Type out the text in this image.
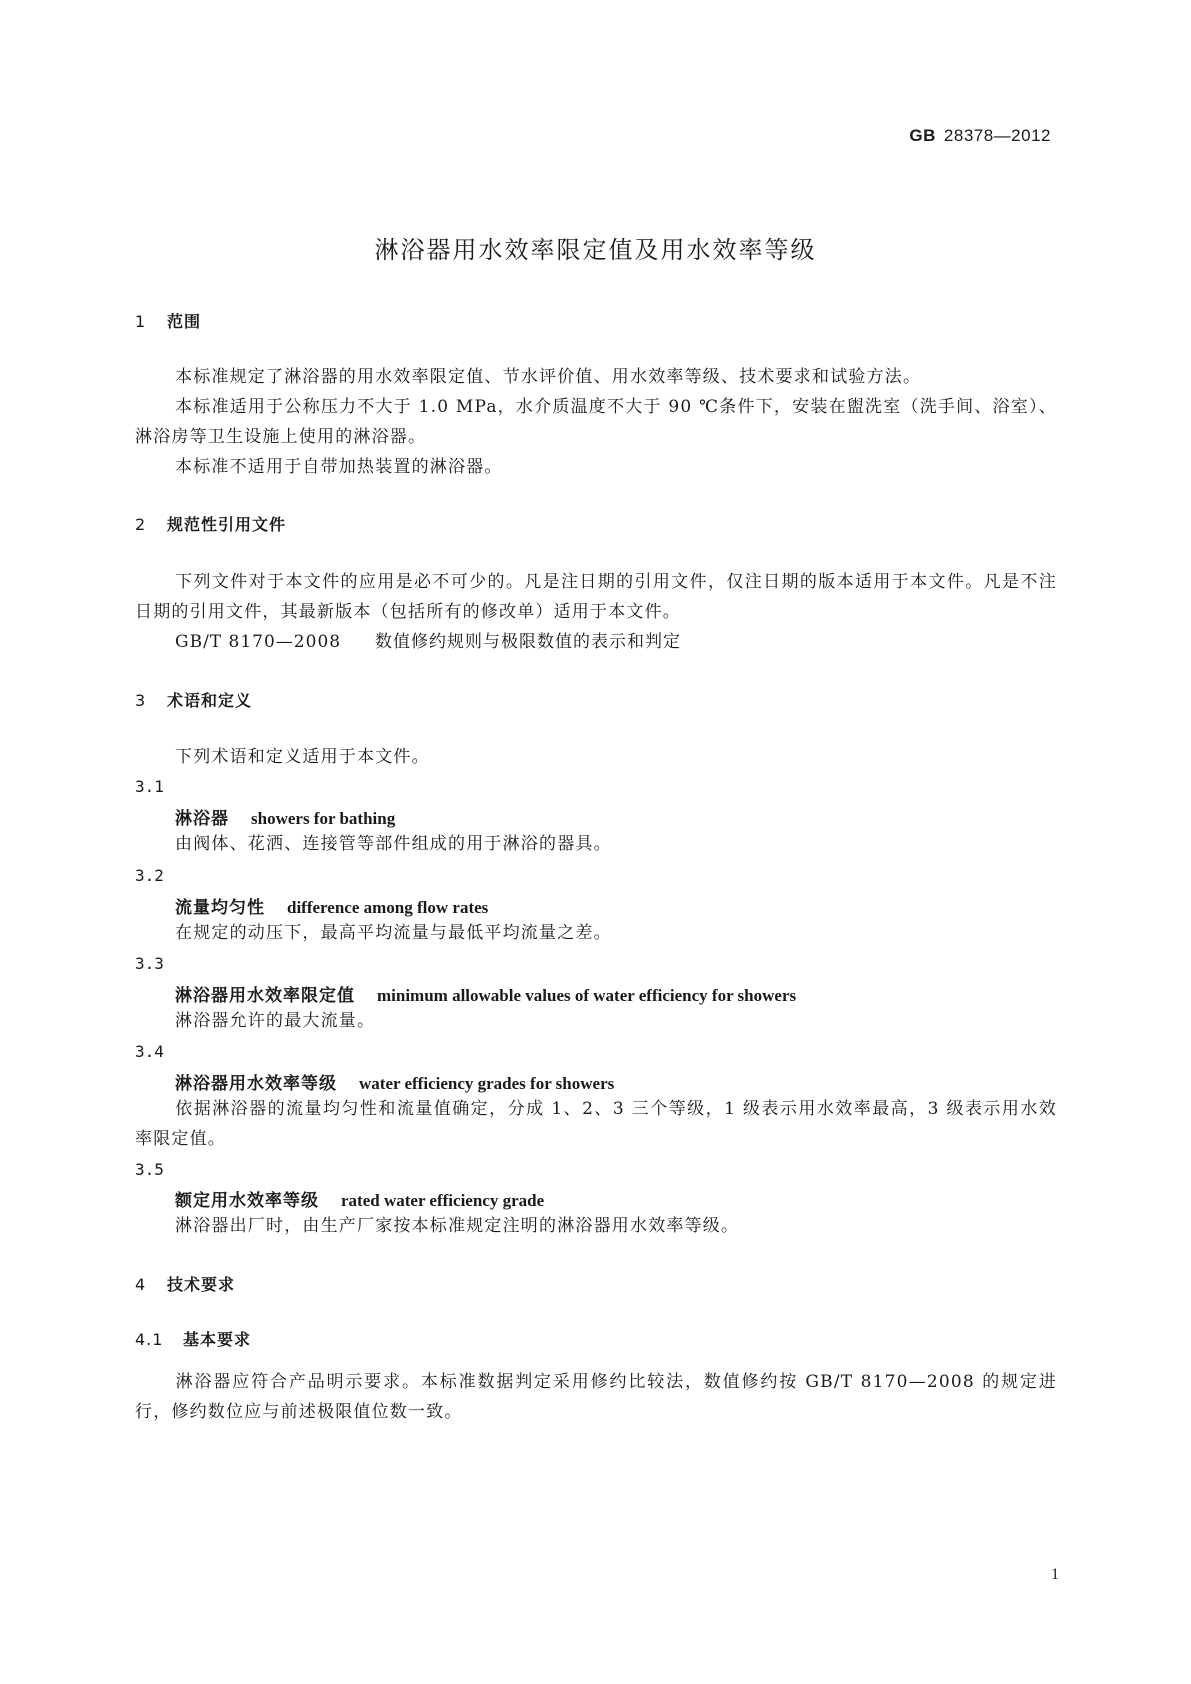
GB 28378—2012
淋浴器用水效率限定值及用水效率等级
1 范围
本标准规定了淋浴器的用水效率限定值、节水评价值、用水效率等级、技术要求和试验方法。
本标准适用于公称压力不大于 1.0 MPa，水介质温度不大于 90 ℃条件下，安装在盥洗室（洗手间、浴室）、淋浴房等卫生设施上使用的淋浴器。
本标准不适用于自带加热装置的淋浴器。
2 规范性引用文件
下列文件对于本文件的应用是必不可少的。凡是注日期的引用文件，仅注日期的版本适用于本文件。凡是不注日期的引用文件，其最新版本（包括所有的修改单）适用于本文件。
GB/T 8170—2008 数值修约规则与极限数值的表示和判定
3 术语和定义
下列术语和定义适用于本文件。
3.1
淋浴器 showers for bathing
由阀体、花洒、连接管等部件组成的用于淋浴的器具。
3.2
流量均匀性 difference among flow rates
在规定的动压下，最高平均流量与最低平均流量之差。
3.3
淋浴器用水效率限定值 minimum allowable values of water efficiency for showers
淋浴器允许的最大流量。
3.4
淋浴器用水效率等级 water efficiency grades for showers
依据淋浴器的流量均匀性和流量值确定，分成 1、2、3 三个等级，1 级表示用水效率最高，3 级表示用水效率限定值。
3.5
额定用水效率等级 rated water efficiency grade
淋浴器出厂时，由生产厂家按本标准规定注明的淋浴器用水效率等级。
4 技术要求
4.1 基本要求
淋浴器应符合产品明示要求。本标准数据判定采用修约比较法，数值修约按 GB/T 8170—2008 的规定进行，修约数位应与前述极限值位数一致。
1
